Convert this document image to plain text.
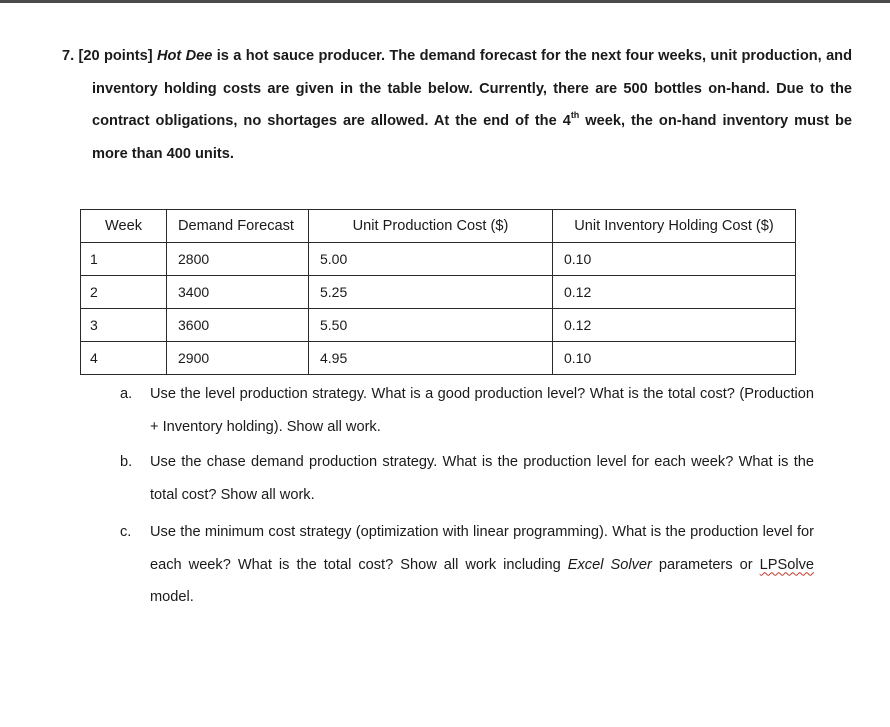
7. [20 points] Hot Dee is a hot sauce producer. The demand forecast for the next four weeks, unit production, and inventory holding costs are given in the table below. Currently, there are 500 bottles on-hand. Due to the contract obligations, no shortages are allowed. At the end of the 4th week, the on-hand inventory must be more than 400 units.
Week	Demand Forecast	Unit Production Cost ($)	Unit Inventory Holding Cost ($)
1	2800	5.00	0.10
2	3400	5.25	0.12
3	3600	5.50	0.12
4	2900	4.95	0.10
a.	Use the level production strategy. What is a good production level? What is the total cost? (Production + Inventory holding). Show all work.
b.	Use the chase demand production strategy. What is the production level for each week? What is the total cost? Show all work.
c.	Use the minimum cost strategy (optimization with linear programming). What is the production level for each week? What is the total cost? Show all work including Excel Solver parameters or LPSolve model.
